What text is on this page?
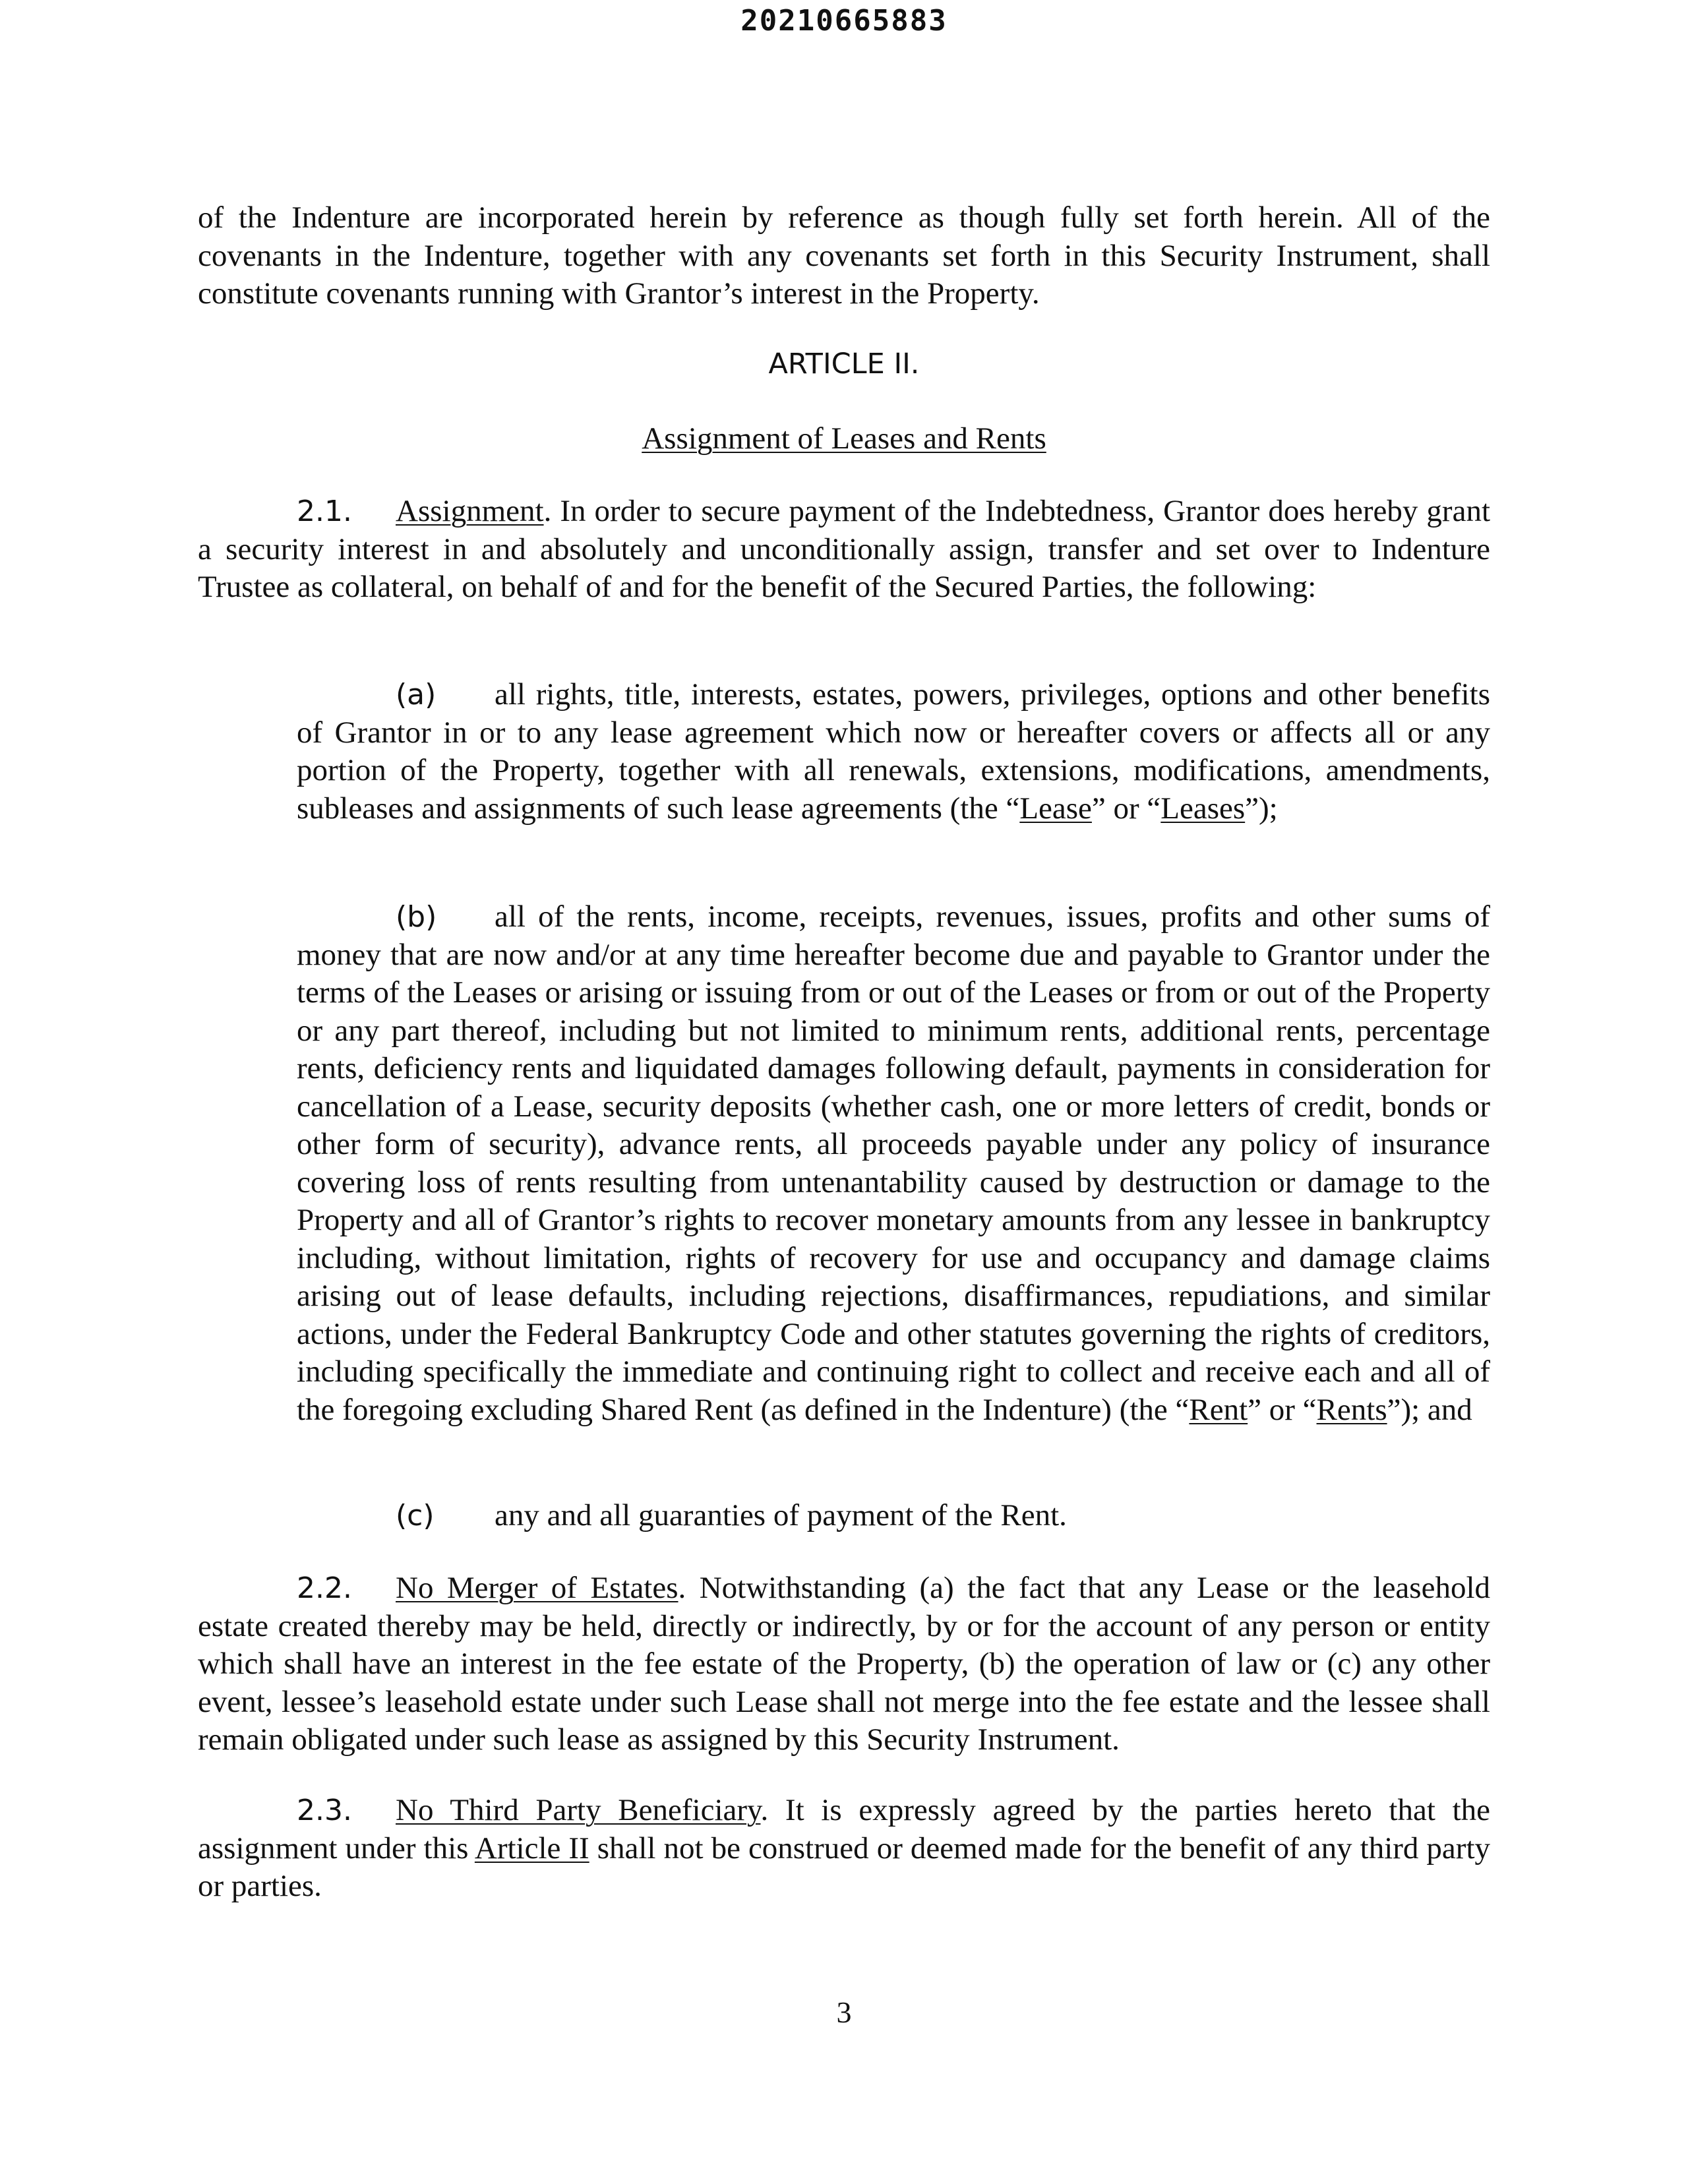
20210665883

of the Indenture are incorporated herein by reference as though fully set forth herein. All of the covenants in the Indenture, together with any covenants set forth in this Security Instrument, shall constitute covenants running with Grantor’s interest in the Property.

ARTICLE II.
Assignment of Leases and Rents

2.1. Assignment. In order to secure payment of the Indebtedness, Grantor does hereby grant a security interest in and absolutely and unconditionally assign, transfer and set over to Indenture Trustee as collateral, on behalf of and for the benefit of the Secured Parties, the following:

(a) all rights, title, interests, estates, powers, privileges, options and other benefits of Grantor in or to any lease agreement which now or hereafter covers or affects all or any portion of the Property, together with all renewals, extensions, modifications, amendments, subleases and assignments of such lease agreements (the “Lease” or “Leases”);

(b) all of the rents, income, receipts, revenues, issues, profits and other sums of money that are now and/or at any time hereafter become due and payable to Grantor under the terms of the Leases or arising or issuing from or out of the Leases or from or out of the Property or any part thereof, including but not limited to minimum rents, additional rents, percentage rents, deficiency rents and liquidated damages following default, payments in consideration for cancellation of a Lease, security deposits (whether cash, one or more letters of credit, bonds or other form of security), advance rents, all proceeds payable under any policy of insurance covering loss of rents resulting from untenantability caused by destruction or damage to the Property and all of Grantor’s rights to recover monetary amounts from any lessee in bankruptcy including, without limitation, rights of recovery for use and occupancy and damage claims arising out of lease defaults, including rejections, disaffirmances, repudiations, and similar actions, under the Federal Bankruptcy Code and other statutes governing the rights of creditors, including specifically the immediate and continuing right to collect and receive each and all of the foregoing excluding Shared Rent (as defined in the Indenture) (the “Rent” or “Rents”); and

(c) any and all guaranties of payment of the Rent.

2.2. No Merger of Estates. Notwithstanding (a) the fact that any Lease or the leasehold estate created thereby may be held, directly or indirectly, by or for the account of any person or entity which shall have an interest in the fee estate of the Property, (b) the operation of law or (c) any other event, lessee’s leasehold estate under such Lease shall not merge into the fee estate and the lessee shall remain obligated under such lease as assigned by this Security Instrument.

2.3. No Third Party Beneficiary. It is expressly agreed by the parties hereto that the assignment under this Article II shall not be construed or deemed made for the benefit of any third party or parties.

3
